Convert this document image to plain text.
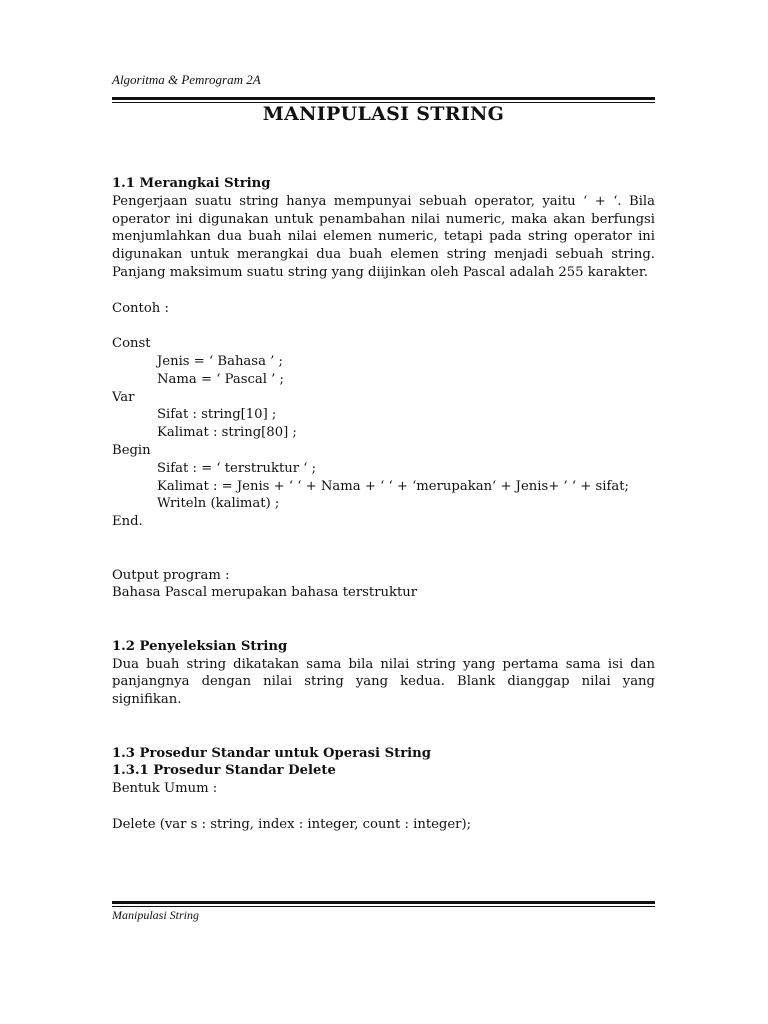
Algoritma & Pemrogram 2A
MANIPULASI STRING
1.1 Merangkai String

Pengerjaan suatu string hanya mempunyai sebuah operator, yaitu ‘ + ‘. Bila operator ini digunakan untuk penambahan nilai numeric, maka akan berfungsi menjumlahkan dua buah nilai elemen numeric, tetapi pada string operator ini digunakan untuk merangkai dua buah elemen string menjadi sebuah string. Panjang maksimum suatu string yang diijinkan oleh Pascal adalah 255 karakter.

Contoh :
Const
Jenis = ‘ Bahasa ’ ;
Nama = ‘ Pascal ’ ;
Var
Sifat : string[10] ;
Kalimat : string[80] ;
Begin
Sifat : = ‘ terstruktur ‘ ;
Kalimat : = Jenis + ‘ ‘ + Nama + ‘ ‘ + ‘merupakan‘ + Jenis+ ’ ‘ + sifat;
Writeln (kalimat) ;
End.
Output program :
Bahasa Pascal merupakan bahasa terstruktur
1.2 Penyeleksian String

Dua buah string dikatakan sama bila nilai string yang pertama sama isi dan panjangnya dengan nilai string yang kedua. Blank dianggap nilai yang signifikan.

1.3 Prosedur Standar untuk Operasi String
1.3.1 Prosedur Standar Delete
Bentuk Umum :
Delete (var s : string, index : integer, count : integer);
Manipulasi String
